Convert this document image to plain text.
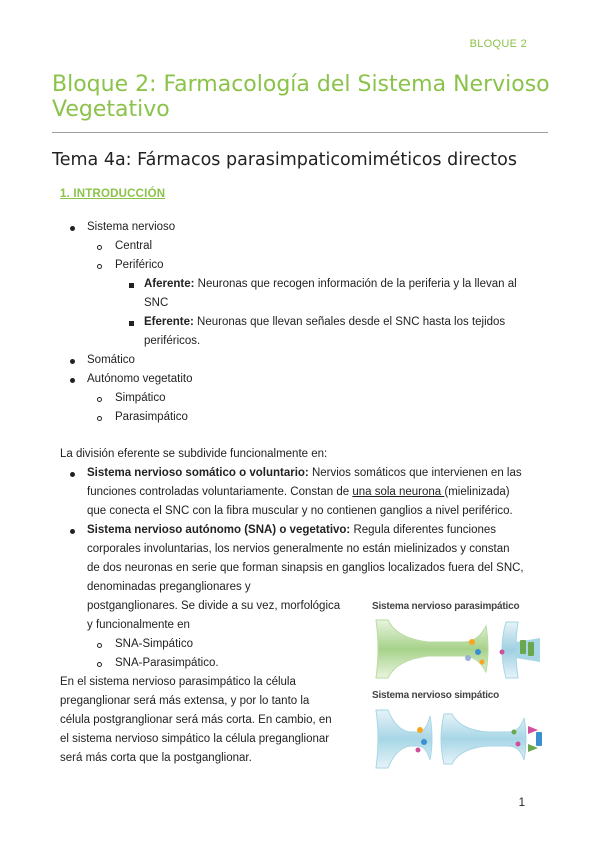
BLOQUE 2
Bloque 2: Farmacología del Sistema Nervioso Vegetativo
Tema 4a: Fármacos parasimpaticomiméticos directos
1. INTRODUCCIÓN
Sistema nervioso
Central
Periférico
Aferente: Neuronas que recogen información de la periferia y la llevan al
SNC
Eferente: Neuronas que llevan señales desde el SNC hasta los tejidos
periféricos.
Somático
Autónomo vegetatito
Simpático
Parasimpático
La división eferente se subdivide funcionalmente en:
Sistema nervioso somático o voluntario: Nervios somáticos que intervienen en las
funciones controladas voluntariamente. Constan de una sola neurona (mielinizada)
que conecta el SNC con la fibra muscular y no contienen ganglios a nivel periférico.
Sistema nervioso autónomo (SNA) o vegetativo: Regula diferentes funciones
corporales involuntarias, los nervios generalmente no están mielinizados y constan
de dos neuronas en serie que forman sinapsis en ganglios localizados fuera del SNC,
denominadas preganglionares y
postganglionares. Se divide a su vez, morfológica
y funcionalmente en
SNA-Simpático
SNA-Parasimpático.
En el sistema nervioso parasimpático la célula
preganglionar será más extensa, y por lo tanto la
célula postgranglionar será más corta. En cambio, en
el sistema nervioso simpático la célula preganglionar
será más corta que la postganglionar.
Sistema nervioso parasimpático
Sistema nervioso simpático
1
